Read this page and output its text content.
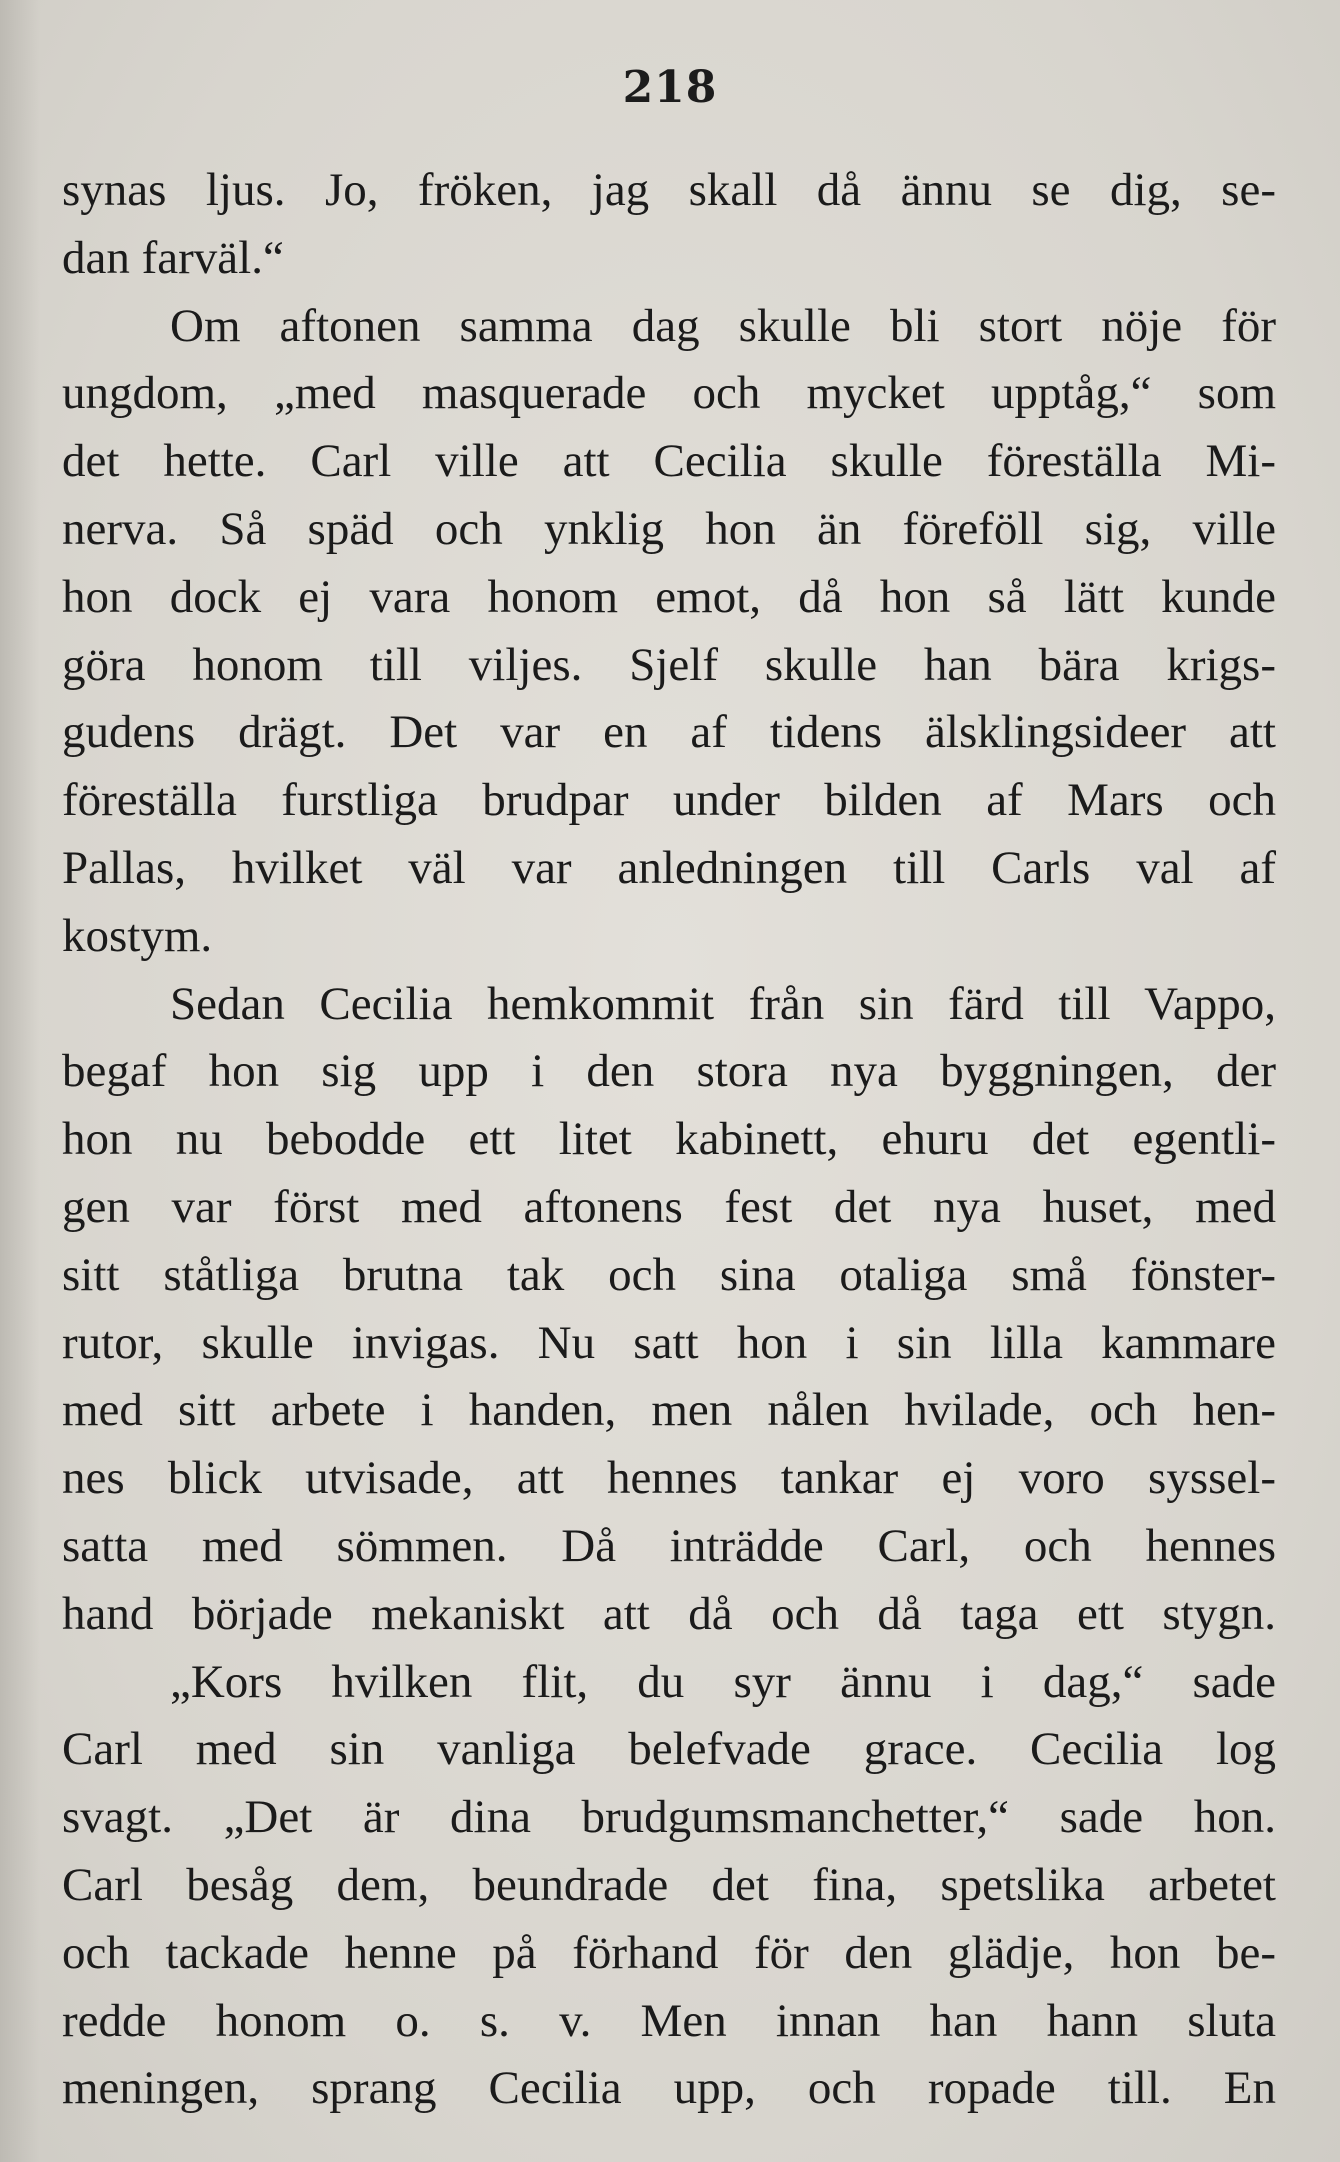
218
synas ljus. Jo, fröken, jag skall då ännu se dig, se-
dan farväl.“
Om aftonen samma dag skulle bli stort nöje för
ungdom, „med masquerade och mycket upptåg,“ som
det hette. Carl ville att Cecilia skulle föreställa Mi-
nerva. Så späd och ynklig hon än föreföll sig, ville
hon dock ej vara honom emot, då hon så lätt kunde
göra honom till viljes. Sjelf skulle han bära krigs-
gudens drägt. Det var en af tidens älsklingsideer att
föreställa furstliga brudpar under bilden af Mars och
Pallas, hvilket väl var anledningen till Carls val af
kostym.
Sedan Cecilia hemkommit från sin färd till Vappo,
begaf hon sig upp i den stora nya byggningen, der
hon nu bebodde ett litet kabinett, ehuru det egentli-
gen var först med aftonens fest det nya huset, med
sitt ståtliga brutna tak och sina otaliga små fönster-
rutor, skulle invigas. Nu satt hon i sin lilla kammare
med sitt arbete i handen, men nålen hvilade, och hen-
nes blick utvisade, att hennes tankar ej voro syssel-
satta med sömmen. Då inträdde Carl, och hennes
hand började mekaniskt att då och då taga ett stygn.
„Kors hvilken flit, du syr ännu i dag,“ sade
Carl med sin vanliga belefvade grace. Cecilia log
svagt. „Det är dina brudgumsmanchetter,“ sade hon.
Carl besåg dem, beundrade det fina, spetslika arbetet
och tackade henne på förhand för den glädje, hon be-
redde honom o. s. v. Men innan han hann sluta
meningen, sprang Cecilia upp, och ropade till. En
